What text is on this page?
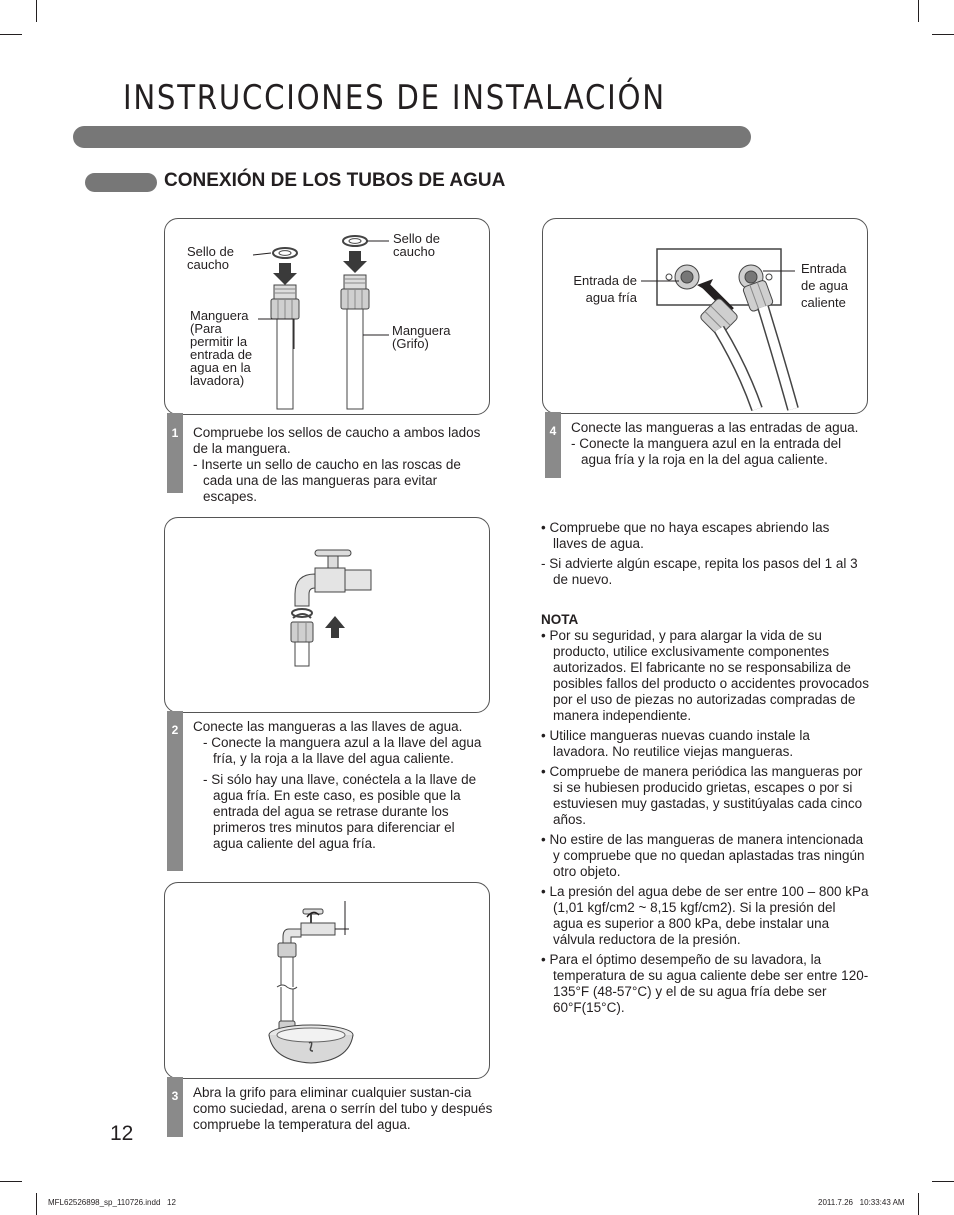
INSTRUCCIONES DE INSTALACIÓN
CONEXIÓN DE LOS TUBOS DE AGUA
Sello de
caucho
Sello de
caucho
Manguera
(Para
permitir la
entrada de
agua en la
lavadora)
Manguera
(Grifo)
1	Compruebe los sellos de caucho a ambos lados de la manguera.

- Inserte un sello de caucho en las roscas de cada una de las mangueras para evitar escapes.

2	Conecte las mangueras a las llaves de agua.

- Conecte la manguera azul a la llave del agua fría, y la roja a la llave del agua caliente.

- Si sólo hay una llave, conéctela a la llave de agua fría. En este caso, es posible que la entrada del agua se retrase durante los primeros tres minutos para diferenciar el agua caliente del agua fría.

3	Abra la grifo para eliminar cualquier sustan-cia como suciedad, arena o serrín del tubo y después compruebe la temperatura del agua.
12
Entrada de
agua fría
Entrada
de agua
caliente
4	Conecte las mangueras a las entradas de agua.

- Conecte la manguera azul en la entrada del agua fría y la roja en la del agua caliente.

• Compruebe que no haya escapes abriendo las llaves de agua.

- Si advierte algún escape, repita los pasos del 1 al 3 de nuevo.

NOTA

• Por su seguridad, y para alargar la vida de su producto, utilice exclusivamente componentes autorizados. El fabricante no se responsabiliza de posibles fallos del producto o accidentes provocados por el uso de piezas no autorizadas compradas de manera independiente.

• Utilice mangueras nuevas cuando instale la lavadora. No reutilice viejas mangueras.

• Compruebe de manera periódica las mangueras por si se hubiesen producido grietas, escapes o por si estuviesen muy gastadas, y sustitúyalas cada cinco años.

• No estire de las mangueras de manera intencionada y compruebe que no quedan aplastadas tras ningún otro objeto.

• La presión del agua debe de ser entre 100 – 800 kPa (1,01 kgf/cm2 ~ 8,15 kgf/cm2). Si la presión del agua es superior a 800 kPa, debe instalar una válvula reductora de la presión.

• Para el óptimo desempeño de su lavadora, la temperatura de su agua caliente debe ser entre 120-135°F (48-57°C) y el de su agua fría debe ser 60°F(15°C).

MFL62526898_sp_110726.indd   12	2011.7.26   10:33:43 AM
